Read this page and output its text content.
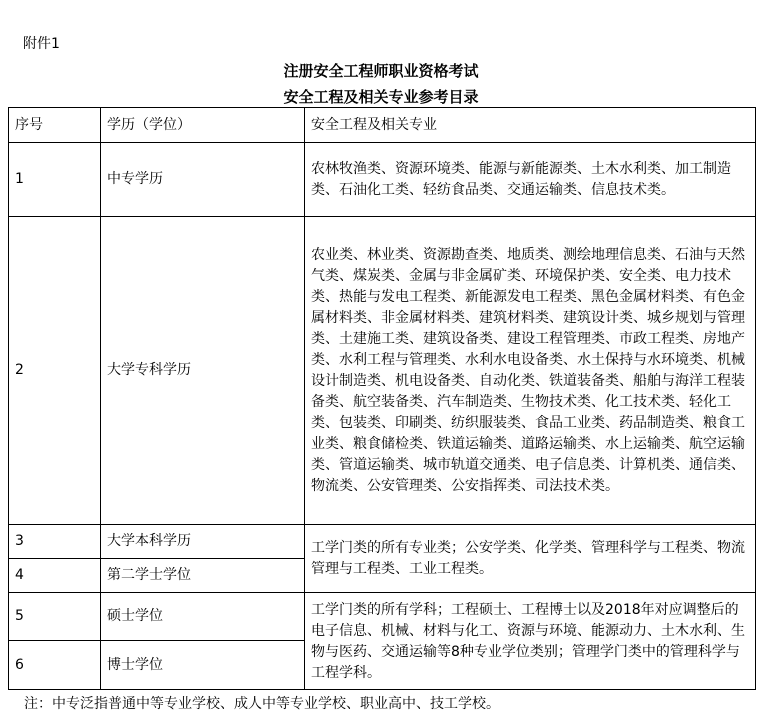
附件1
注册安全工程师职业资格考试
安全工程及相关专业参考目录
序号	学历（学位）	安全工程及相关专业
1	中专学历	农林牧渔类、资源环境类、能源与新能源类、土木水利类、加工制造类、石油化工类、轻纺食品类、交通运输类、信息技术类。
2	大学专科学历	农业类、林业类、资源勘查类、地质类、测绘地理信息类、石油与天然气类、煤炭类、金属与非金属矿类、环境保护类、安全类、电力技术类、热能与发电工程类、新能源发电工程类、黑色金属材料类、有色金属材料类、非金属材料类、建筑材料类、建筑设计类、城乡规划与管理类、土建施工类、建筑设备类、建设工程管理类、市政工程类、房地产类、水利工程与管理类、水利水电设备类、水土保持与水环境类、机械设计制造类、机电设备类、自动化类、铁道装备类、船舶与海洋工程装备类、航空装备类、汽车制造类、生物技术类、化工技术类、轻化工类、包装类、印刷类、纺织服装类、食品工业类、药品制造类、粮食工业类、粮食储检类、铁道运输类、道路运输类、水上运输类、航空运输类、管道运输类、城市轨道交通类、电子信息类、计算机类、通信类、物流类、公安管理类、公安指挥类、司法技术类。
3	大学本科学历	工学门类的所有专业类；公安学类、化学类、管理科学与工程类、物流管理与工程类、工业工程类。
4	第二学士学位	
5	硕士学位	工学门类的所有学科；工程硕士、工程博士以及2018年对应调整后的电子信息、机械、材料与化工、资源与环境、能源动力、土木水利、生物与医药、交通运输等8种专业学位类别；管理学门类中的管理科学与工程学科。
6	博士学位	
注：中专泛指普通中等专业学校、成人中等专业学校、职业高中、技工学校。
